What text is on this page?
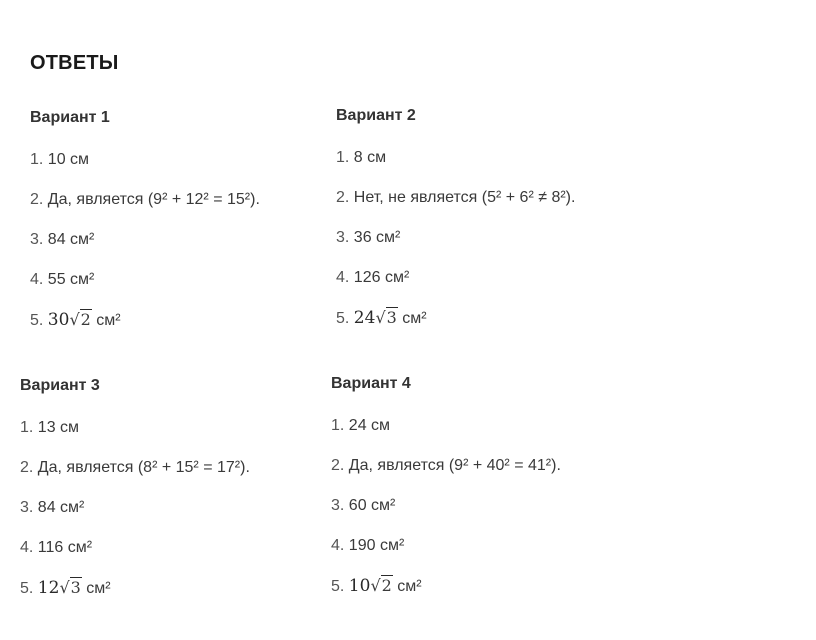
ОТВЕТЫ
Вариант 1
1. 10 см
2. Да, является (9² + 12² = 15²).
3. 84 см²
4. 55 см²
5. 30√2 см²
Вариант 2
1. 8 см
2. Нет, не является (5² + 6² ≠ 8²).
3. 36 см²
4. 126 см²
5. 24√3 см²
Вариант 3
1. 13 см
2. Да, является (8² + 15² = 17²).
3. 84 см²
4. 116 см²
5. 12√3 см²
Вариант 4
1. 24 см
2. Да, является (9² + 40² = 41²).
3. 60 см²
4. 190 см²
5. 10√2 см²
